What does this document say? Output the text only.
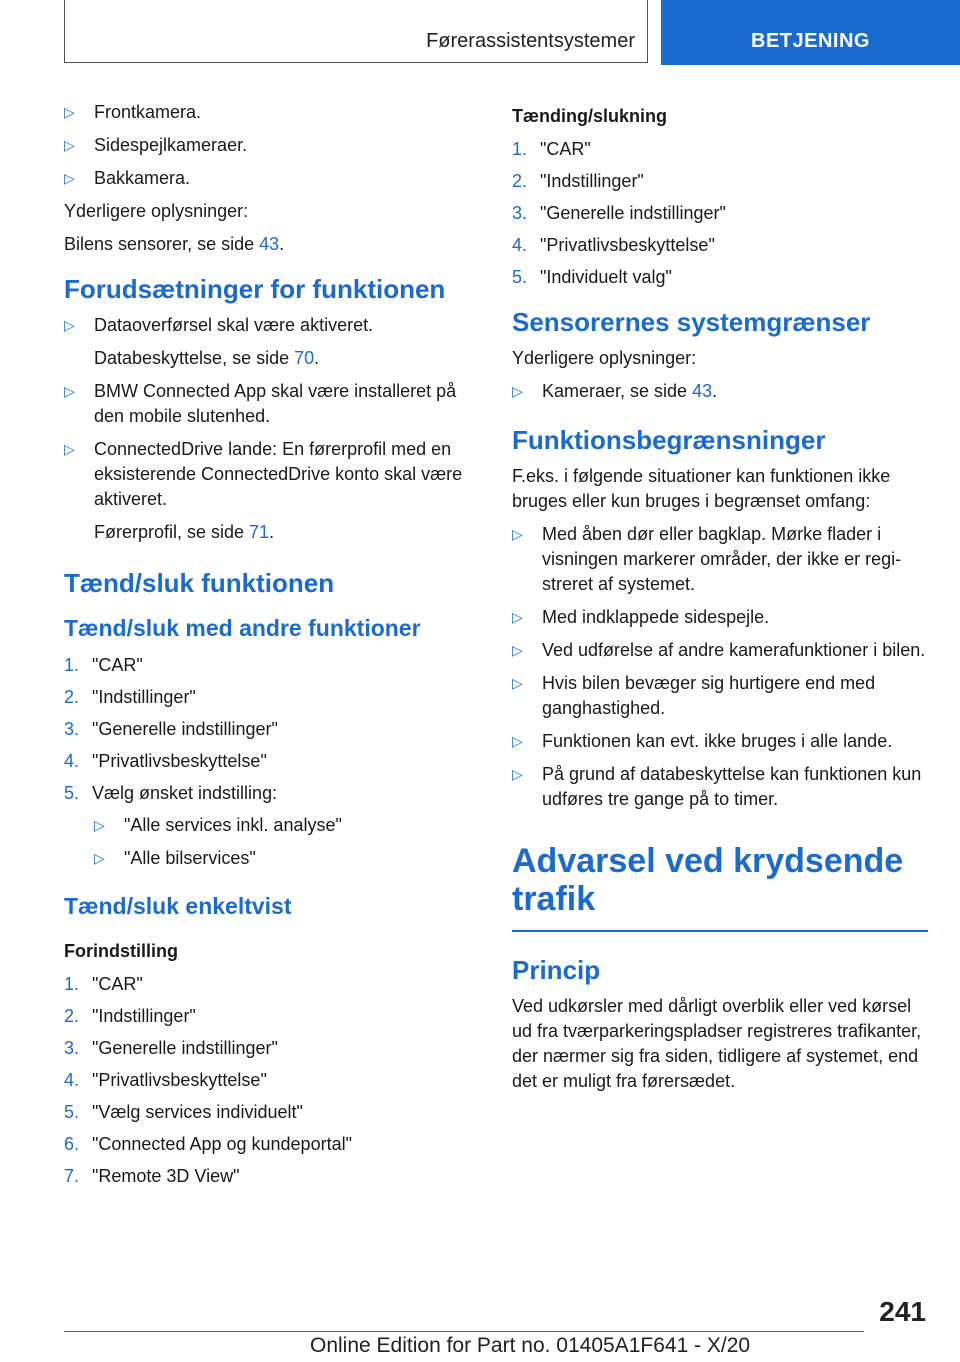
Førerassistentsystemer	BETJENING
▷ Frontkamera.
▷ Sidespejlkameraer.
▷ Bakkamera.

Yderligere oplysninger:

Bilens sensorer, se side 43.

Forudsætninger for funktionen
▷ Dataoverførsel skal være aktiveret.
Databeskyttelse, se side 70.
▷ BMW Connected App skal være installeret på den mobile slutenhed.
▷ ConnectedDrive lande: En førerprofil med en eksisterende ConnectedDrive konto skal være aktiveret.
Førerprofil, se side 71.
Tænd/sluk funktionen
Tænd/sluk med andre funktioner
1. "CAR"
2. "Indstillinger"
3. "Generelle indstillinger"
4. "Privatlivsbeskyttelse"
5. Vælg ønsket indstilling:
▷ "Alle services inkl. analyse"
▷ "Alle bilservices"
Tænd/sluk enkeltvist
Forindstilling
1. "CAR"
2. "Indstillinger"
3. "Generelle indstillinger"
4. "Privatlivsbeskyttelse"
5. "Vælg services individuelt"
6. "Connected App og kundeportal"
7. "Remote 3D View"
Tænding/slukning
1. "CAR"
2. "Indstillinger"
3. "Generelle indstillinger"
4. "Privatlivsbeskyttelse"
5. "Individuelt valg"
Sensorernes systemgrænser

Yderligere oplysninger:

▷ Kameraer, se side 43.
Funktionsbegrænsninger

F.eks. i følgende situationer kan funktionen ikke bruges eller kun bruges i begrænset omfang:

▷ Med åben dør eller bagklap. Mørke flader i visningen markerer områder, der ikke er registreret af systemet.
▷ Med indklappede sidespejle.
▷ Ved udførelse af andre kamerafunktioner i bilen.
▷ Hvis bilen bevæger sig hurtigere end med ganghastighed.
▷ Funktionen kan evt. ikke bruges i alle lande.
▷ På grund af databeskyttelse kan funktionen kun udføres tre gange på to timer.
Advarsel ved krydsende trafik
Princip

Ved udkørsler med dårligt overblik eller ved kørsel ud fra tværparkeringspladser registreres trafikanter, der nærmer sig fra siden, tidligere af systemet, end det er muligt fra førersædet.

241
Online Edition for Part no. 01405A1F641 - X/20
